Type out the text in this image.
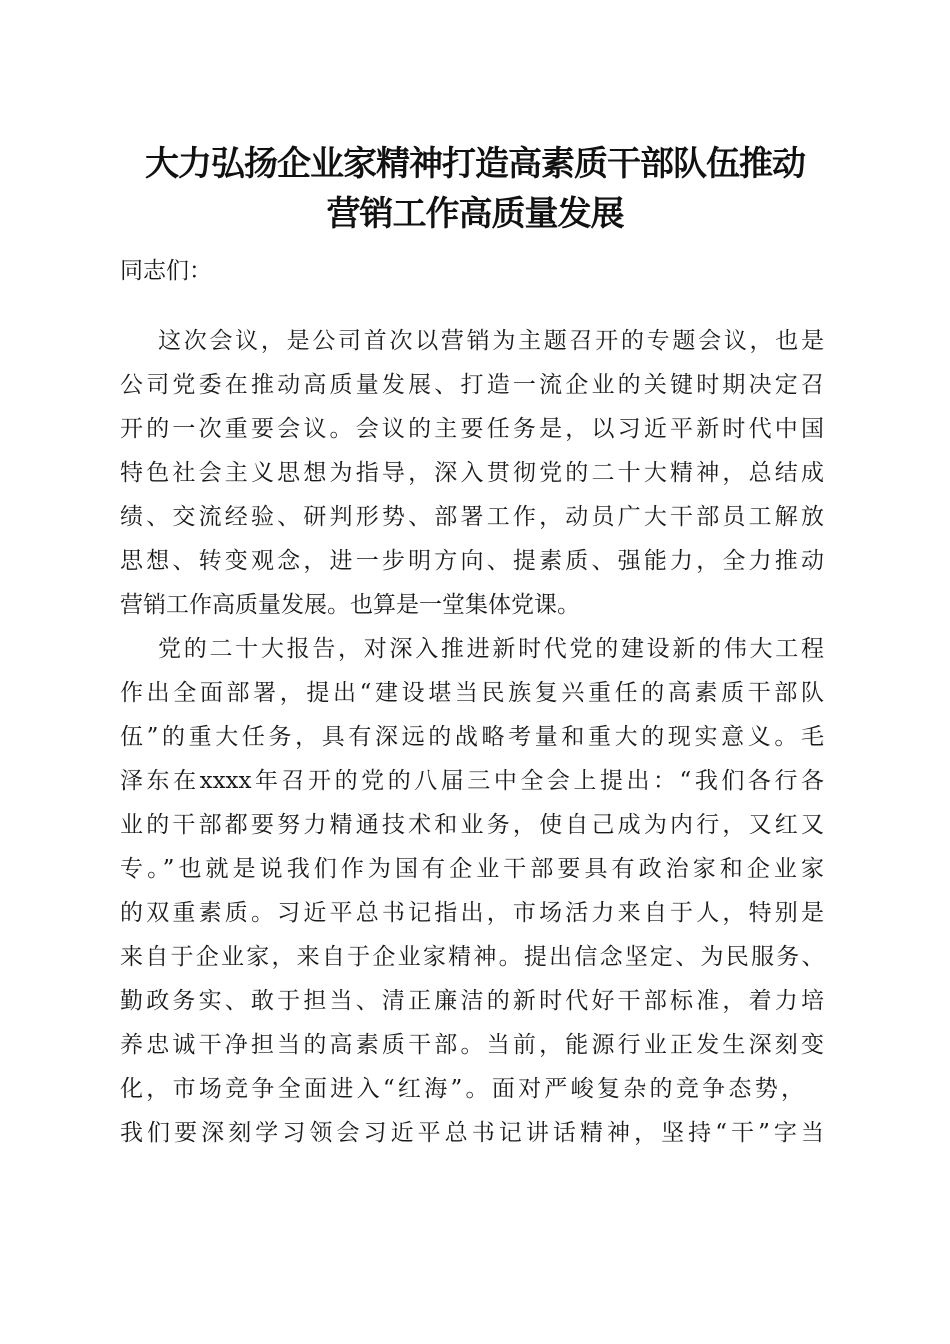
大力弘扬企业家精神打造高素质干部队伍推动
营销工作高质量发展
同志们：
这次会议，是公司首次以营销为主题召开的专题会议，也是
公司党委在推动高质量发展、打造一流企业的关键时期决定召
开的一次重要会议。会议的主要任务是，以习近平新时代中国
特色社会主义思想为指导，深入贯彻党的二十大精神，总结成
绩、交流经验、研判形势、部署工作，动员广大干部员工解放
思想、转变观念，进一步明方向、提素质、强能力，全力推动
营销工作高质量发展。也算是一堂集体党课。
党的二十大报告，对深入推进新时代党的建设新的伟大工程
作出全面部署，提出“建设堪当民族复兴重任的高素质干部队
伍”的重大任务，具有深远的战略考量和重大的现实意义。毛
泽东在xxxx年召开的党的八届三中全会上提出：“我们各行各
业的干部都要努力精通技术和业务，使自己成为内行，又红又
专。”也就是说我们作为国有企业干部要具有政治家和企业家
的双重素质。习近平总书记指出，市场活力来自于人，特别是
来自于企业家，来自于企业家精神。提出信念坚定、为民服务、
勤政务实、敢于担当、清正廉洁的新时代好干部标准，着力培
养忠诚干净担当的高素质干部。当前，能源行业正发生深刻变
化，市场竞争全面进入“红海”。面对严峻复杂的竞争态势，
我们要深刻学习领会习近平总书记讲话精神，坚持“干”字当
